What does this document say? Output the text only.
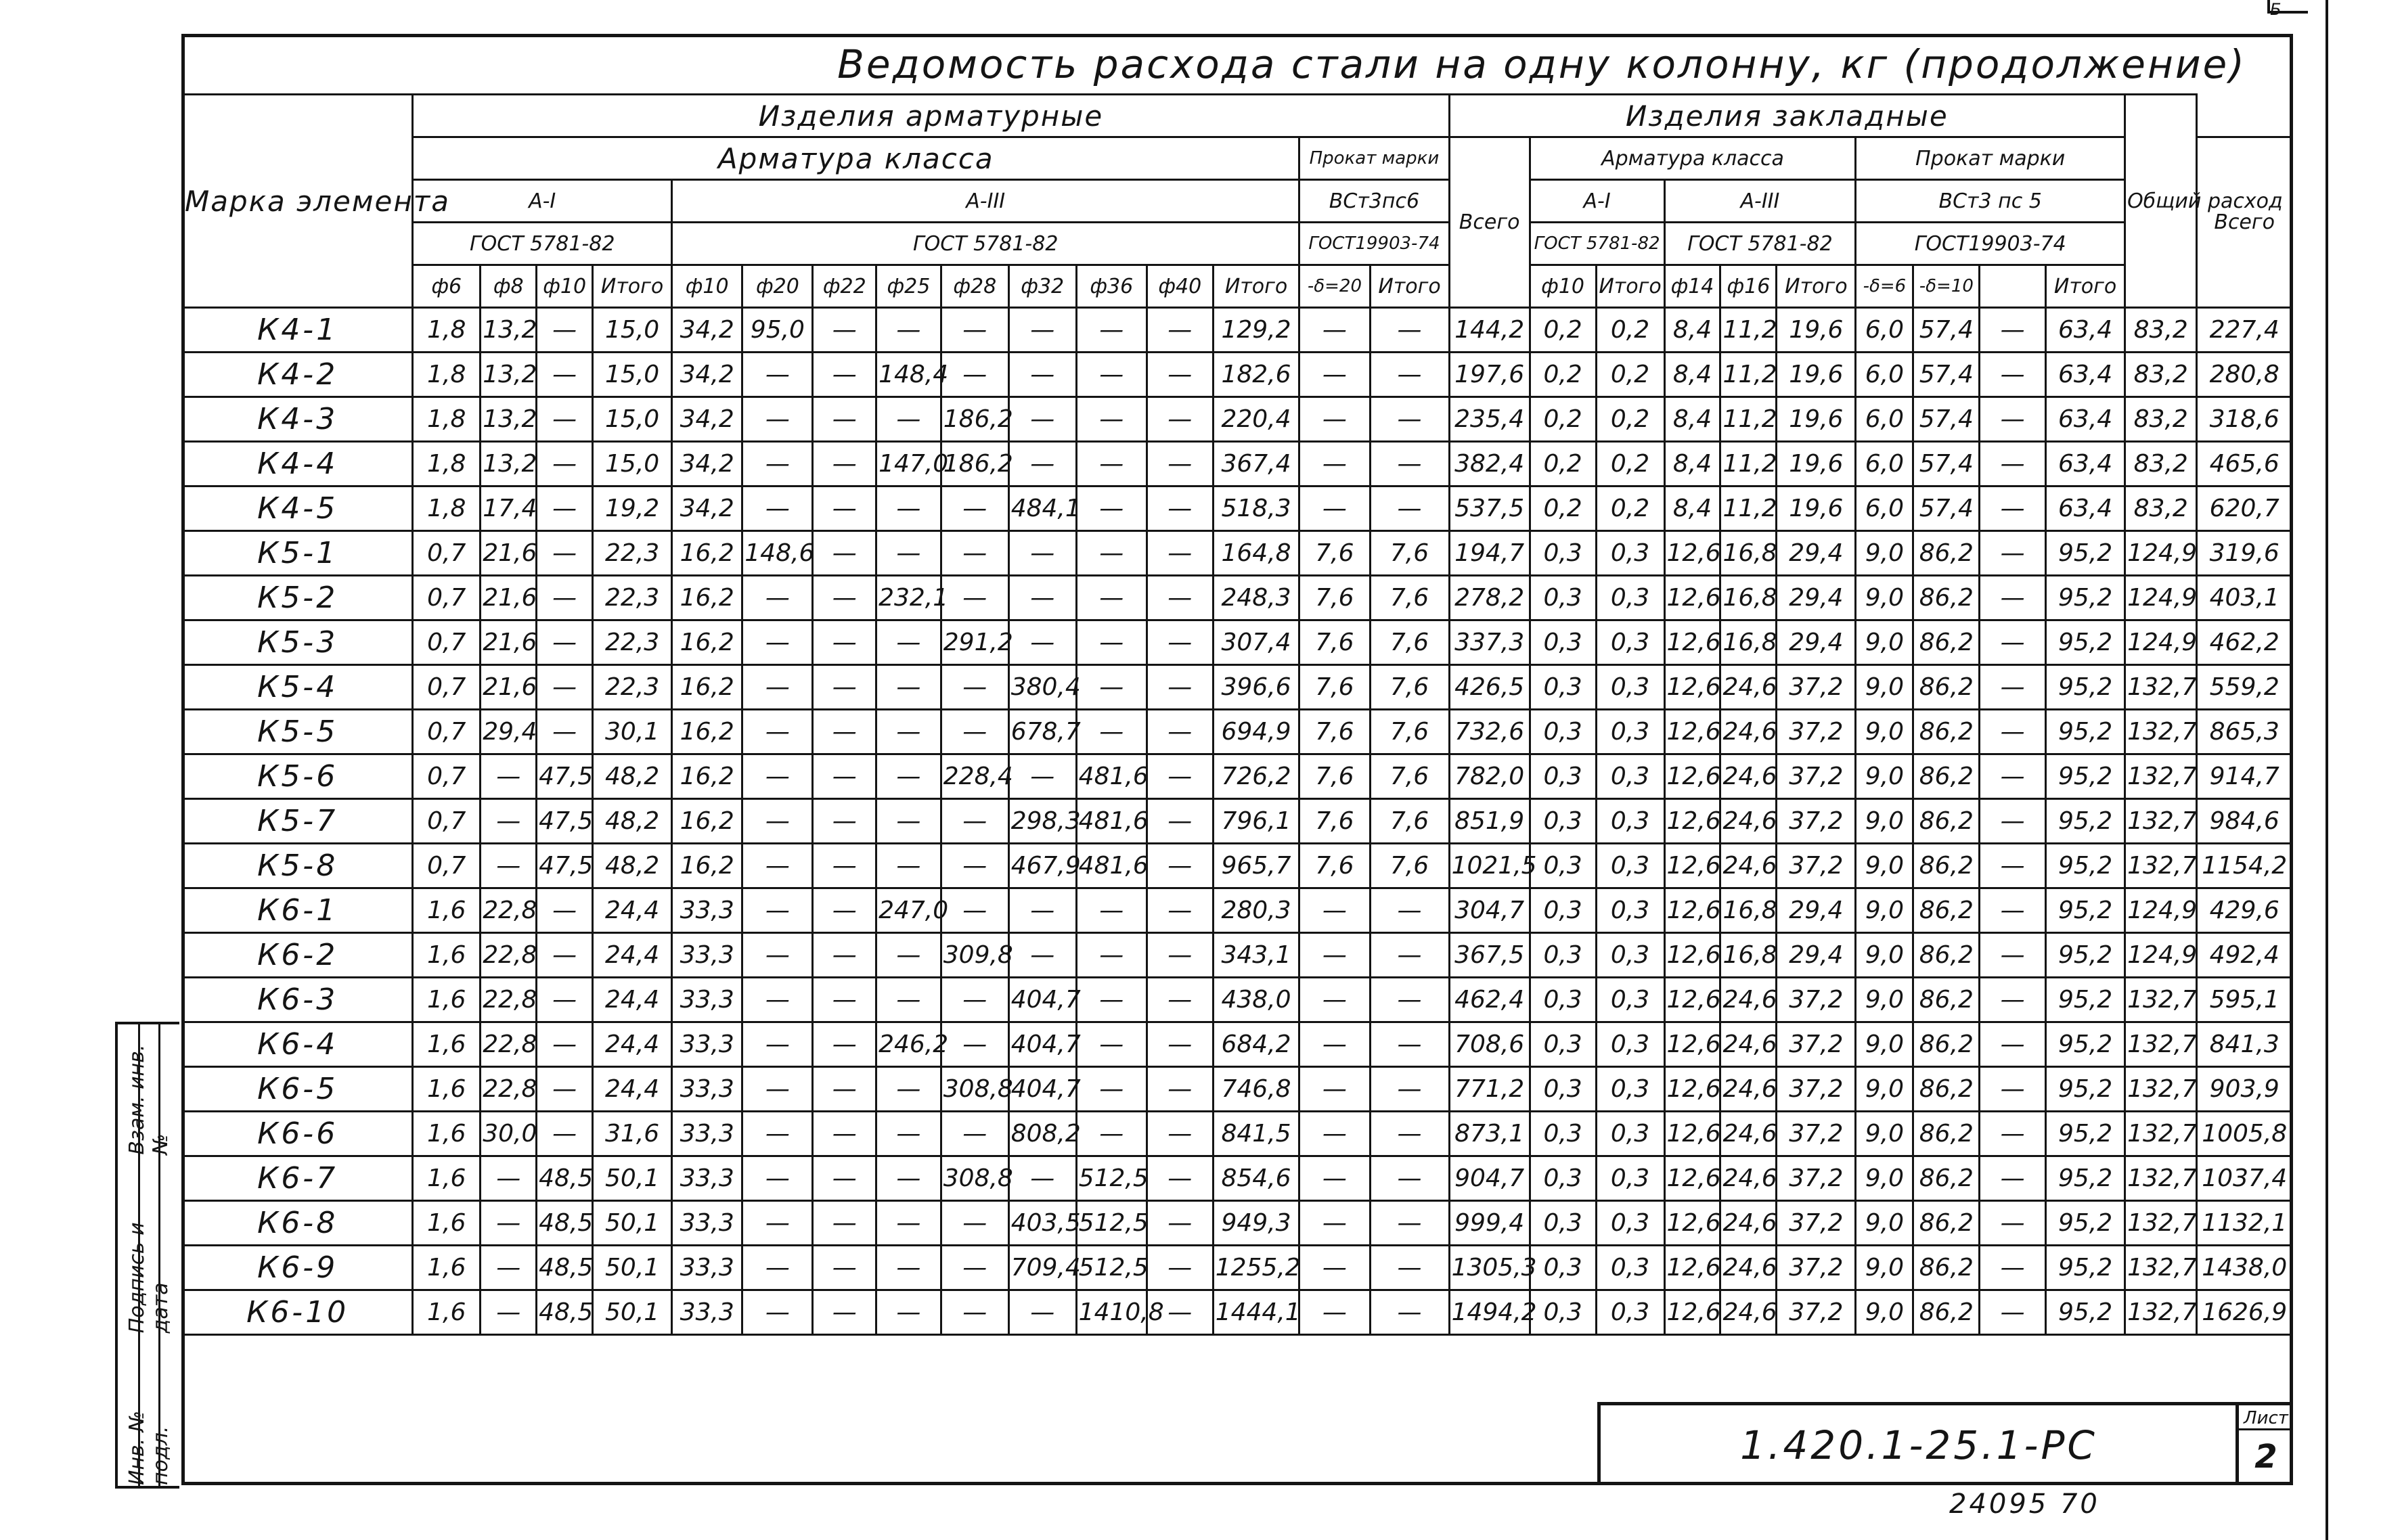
Б
Ведомость расхода стали на одну колонну, кг (продолжение)
Инв. № подл.
Подпись и дата
Взам. инв. №
Марка элемента	Изделия арматурные															Изделия закладные										Общий расход	
	Арматура класса													Прокат марки		Всего	Арматура класса					Прокат марки					Всего
	А-I				А-III									ВСт3пс6			А-I		А-III			ВСт3 пс 5					
	ГОСТ 5781-82				ГОСТ 5781-82									ГОСТ19903-74			ГОСТ 5781-82		ГОСТ 5781-82			ГОСТ19903-74					
	ф6	ф8	ф10	Итого	ф10	ф20	ф22	ф25	ф28	ф32	ф36	ф40	Итого	-δ=20	Итого		ф10	Итого	ф14	ф16	Итого	-δ=6	-δ=10		Итого		
К4-1	1,8	13,2	—	15,0	34,2	95,0	—	—	—	—	—	—	129,2	—	—	144,2	0,2	0,2	8,4	11,2	19,6	6,0	57,4	—	63,4	83,2	227,4
К4-2	1,8	13,2	—	15,0	34,2	—	—	148,4	—	—	—	—	182,6	—	—	197,6	0,2	0,2	8,4	11,2	19,6	6,0	57,4	—	63,4	83,2	280,8
К4-3	1,8	13,2	—	15,0	34,2	—	—	—	186,2	—	—	—	220,4	—	—	235,4	0,2	0,2	8,4	11,2	19,6	6,0	57,4	—	63,4	83,2	318,6
К4-4	1,8	13,2	—	15,0	34,2	—	—	147,0	186,2	—	—	—	367,4	—	—	382,4	0,2	0,2	8,4	11,2	19,6	6,0	57,4	—	63,4	83,2	465,6
К4-5	1,8	17,4	—	19,2	34,2	—	—	—	—	484,1	—	—	518,3	—	—	537,5	0,2	0,2	8,4	11,2	19,6	6,0	57,4	—	63,4	83,2	620,7
К5-1	0,7	21,6	—	22,3	16,2	148,6	—	—	—	—	—	—	164,8	7,6	7,6	194,7	0,3	0,3	12,6	16,8	29,4	9,0	86,2	—	95,2	124,9	319,6
К5-2	0,7	21,6	—	22,3	16,2	—	—	232,1	—	—	—	—	248,3	7,6	7,6	278,2	0,3	0,3	12,6	16,8	29,4	9,0	86,2	—	95,2	124,9	403,1
К5-3	0,7	21,6	—	22,3	16,2	—	—	—	291,2	—	—	—	307,4	7,6	7,6	337,3	0,3	0,3	12,6	16,8	29,4	9,0	86,2	—	95,2	124,9	462,2
К5-4	0,7	21,6	—	22,3	16,2	—	—	—	—	380,4	—	—	396,6	7,6	7,6	426,5	0,3	0,3	12,6	24,6	37,2	9,0	86,2	—	95,2	132,7	559,2
К5-5	0,7	29,4	—	30,1	16,2	—	—	—	—	678,7	—	—	694,9	7,6	7,6	732,6	0,3	0,3	12,6	24,6	37,2	9,0	86,2	—	95,2	132,7	865,3
К5-6	0,7	—	47,5	48,2	16,2	—	—	—	228,4	—	481,6	—	726,2	7,6	7,6	782,0	0,3	0,3	12,6	24,6	37,2	9,0	86,2	—	95,2	132,7	914,7
К5-7	0,7	—	47,5	48,2	16,2	—	—	—	—	298,3	481,6	—	796,1	7,6	7,6	851,9	0,3	0,3	12,6	24,6	37,2	9,0	86,2	—	95,2	132,7	984,6
К5-8	0,7	—	47,5	48,2	16,2	—	—	—	—	467,9	481,6	—	965,7	7,6	7,6	1021,5	0,3	0,3	12,6	24,6	37,2	9,0	86,2	—	95,2	132,7	1154,2
К6-1	1,6	22,8	—	24,4	33,3	—	—	247,0	—	—	—	—	280,3	—	—	304,7	0,3	0,3	12,6	16,8	29,4	9,0	86,2	—	95,2	124,9	429,6
К6-2	1,6	22,8	—	24,4	33,3	—	—	—	309,8	—	—	—	343,1	—	—	367,5	0,3	0,3	12,6	16,8	29,4	9,0	86,2	—	95,2	124,9	492,4
К6-3	1,6	22,8	—	24,4	33,3	—	—	—	—	404,7	—	—	438,0	—	—	462,4	0,3	0,3	12,6	24,6	37,2	9,0	86,2	—	95,2	132,7	595,1
К6-4	1,6	22,8	—	24,4	33,3	—	—	246,2	—	404,7	—	—	684,2	—	—	708,6	0,3	0,3	12,6	24,6	37,2	9,0	86,2	—	95,2	132,7	841,3
К6-5	1,6	22,8	—	24,4	33,3	—	—	—	308,8	404,7	—	—	746,8	—	—	771,2	0,3	0,3	12,6	24,6	37,2	9,0	86,2	—	95,2	132,7	903,9
К6-6	1,6	30,0	—	31,6	33,3	—	—	—	—	808,2	—	—	841,5	—	—	873,1	0,3	0,3	12,6	24,6	37,2	9,0	86,2	—	95,2	132,7	1005,8
К6-7	1,6	—	48,5	50,1	33,3	—	—	—	308,8	—	512,5	—	854,6	—	—	904,7	0,3	0,3	12,6	24,6	37,2	9,0	86,2	—	95,2	132,7	1037,4
К6-8	1,6	—	48,5	50,1	33,3	—	—	—	—	403,5	512,5	—	949,3	—	—	999,4	0,3	0,3	12,6	24,6	37,2	9,0	86,2	—	95,2	132,7	1132,1
К6-9	1,6	—	48,5	50,1	33,3	—	—	—	—	709,4	512,5	—	1255,2	—	—	1305,3	0,3	0,3	12,6	24,6	37,2	9,0	86,2	—	95,2	132,7	1438,0
К6-10	1,6	—	48,5	50,1	33,3	—	—	—	—	—	1410,8	—	1444,1	—	—	1494,2	0,3	0,3	12,6	24,6	37,2	9,0	86,2	—	95,2	132,7	1626,9
1.420.1-25.1-РС
Лист
2
24095 70
